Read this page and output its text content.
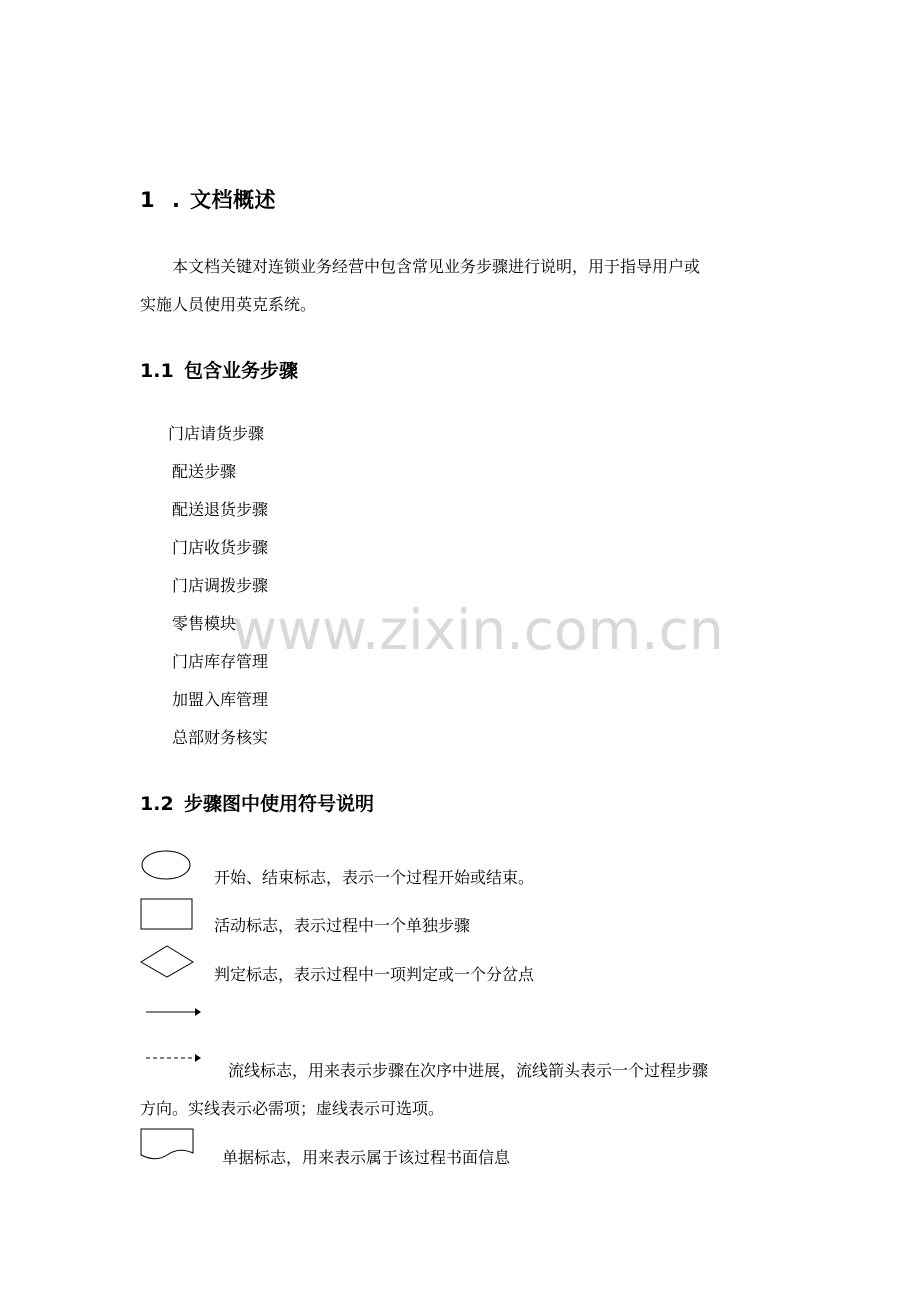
1 . 文档概述
本文档关键对连锁业务经营中包含常见业务步骤进行说明，用于指导用户或
实施人员使用英克系统。
1.1 包含业务步骤
门店请货步骤
配送步骤
配送退货步骤
门店收货步骤
门店调拨步骤
零售模块
门店库存管理
加盟入库管理
总部财务核实
1.2 步骤图中使用符号说明
开始、结束标志，表示一个过程开始或结束。
活动标志，表示过程中一个单独步骤
判定标志，表示过程中一项判定或一个分岔点
流线标志，用来表示步骤在次序中进展，流线箭头表示一个过程步骤
方向。实线表示必需项；虚线表示可选项。
单据标志，用来表示属于该过程书面信息
www.zixin.com.cn
